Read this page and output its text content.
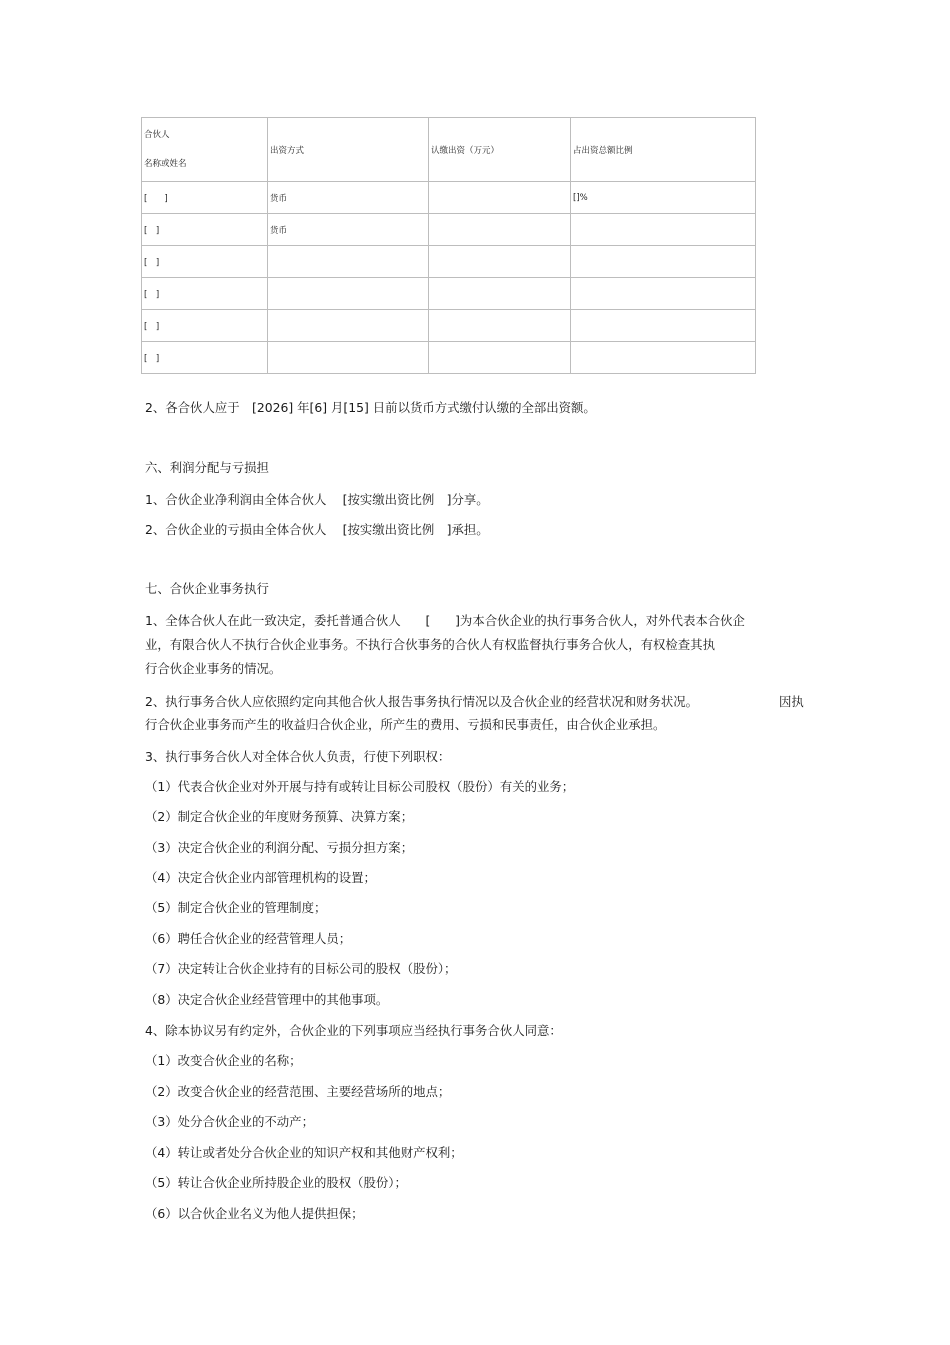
合伙人
名称或姓名	出资方式	认缴出资（万元）	占出资总额比例
[　　]	货币		[]%
[　]	货币		
[　]			
[　]			
[　]			
[　]			
2、各合伙人应于　[2026] 年[6] 月[15] 日前以货币方式缴付认缴的全部出资额。
六、利润分配与亏损担
1、合伙企业净利润由全体合伙人　 [按实缴出资比例　]分享。
2、合伙企业的亏损由全体合伙人　 [按实缴出资比例　]承担。
七、合伙企业事务执行
1、全体合伙人在此一致决定，委托普通合伙人　　[　　]为本合伙企业的执行事务合伙人，对外代表本合伙企
业，有限合伙人不执行合伙企业事务。不执行合伙事务的合伙人有权监督执行事务合伙人，有权检查其执
行合伙企业事务的情况。
2、执行事务合伙人应依照约定向其他合伙人报告事务执行情况以及合伙企业的经营状况和财务状况。	因执
行合伙企业事务而产生的收益归合伙企业，所产生的费用、亏损和民事责任，由合伙企业承担。
3、执行事务合伙人对全体合伙人负责，行使下列职权：
（1）代表合伙企业对外开展与持有或转让目标公司股权（股份）有关的业务；
（2）制定合伙企业的年度财务预算、决算方案；
（3）决定合伙企业的利润分配、亏损分担方案；
（4）决定合伙企业内部管理机构的设置；
（5）制定合伙企业的管理制度；
（6）聘任合伙企业的经营管理人员；
（7）决定转让合伙企业持有的目标公司的股权（股份）；
（8）决定合伙企业经营管理中的其他事项。
4、除本协议另有约定外，合伙企业的下列事项应当经执行事务合伙人同意：
（1）改变合伙企业的名称；
（2）改变合伙企业的经营范围、主要经营场所的地点；
（3）处分合伙企业的不动产；
（4）转让或者处分合伙企业的知识产权和其他财产权利；
（5）转让合伙企业所持股企业的股权（股份）；
（6）以合伙企业名义为他人提供担保；
